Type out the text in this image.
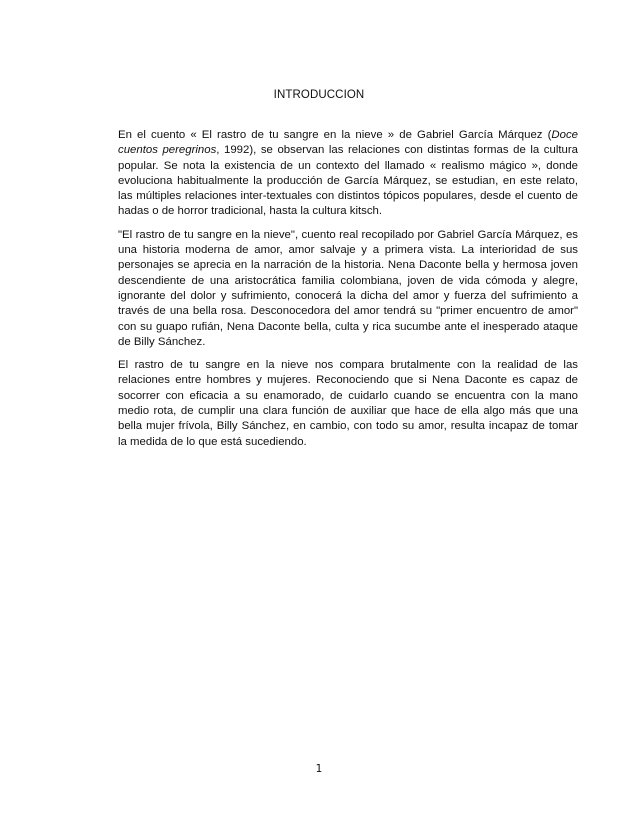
INTRODUCCION

En el cuento « El rastro de tu sangre en la nieve » de Gabriel García Márquez (Doce cuentos peregrinos, 1992), se observan las relaciones con distintas formas de la cultura popular. Se nota la existencia de un contexto del llamado « realismo mágico », donde evoluciona habitualmente la producción de García Márquez, se estudian, en este relato, las múltiples relaciones inter-textuales con distintos tópicos populares, desde el cuento de hadas o de horror tradicional, hasta la cultura kitsch.

"El rastro de tu sangre en la nieve", cuento real recopilado por Gabriel García Márquez, es una historia moderna de amor, amor salvaje y a primera vista. La interioridad de sus personajes se aprecia en la narración de la historia. Nena Daconte bella y hermosa joven descendiente de una aristocrática familia colombiana, joven de vida cómoda y alegre, ignorante del dolor y sufrimiento, conocerá la dicha del amor y fuerza del sufrimiento a través de una bella rosa. Desconocedora del amor tendrá su "primer encuentro de amor" con su guapo rufián, Nena Daconte bella, culta y rica sucumbe ante el inesperado ataque de Billy Sánchez.

El rastro de tu sangre en la nieve nos compara brutalmente con la realidad de las relaciones entre hombres y mujeres. Reconociendo que si Nena Daconte es capaz de socorrer con eficacia a su enamorado, de cuidarlo cuando se encuentra con la mano medio rota, de cumplir una clara función de auxiliar que hace de ella algo más que una bella mujer frívola, Billy Sánchez, en cambio, con todo su amor, resulta incapaz de tomar la medida de lo que está sucediendo.

1
